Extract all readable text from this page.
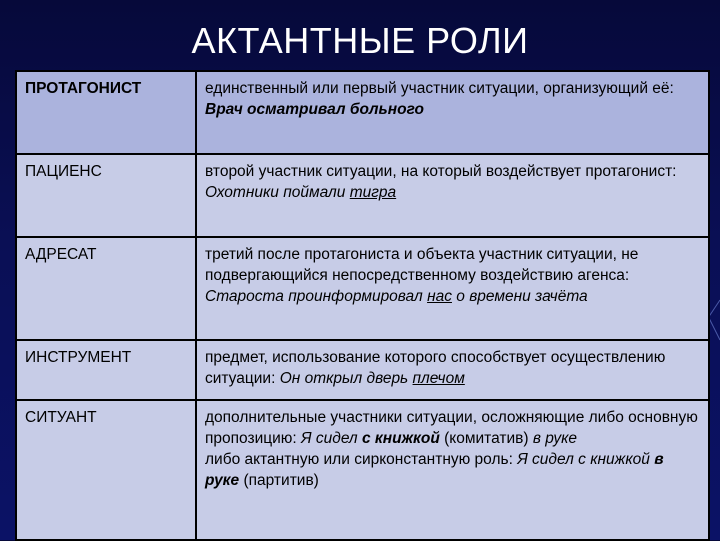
АКТАНТНЫЕ РОЛИ
ПРОТАГОНИСТ	единственный или первый участник ситуации, организующий её: Врач осматривал больного
ПАЦИЕНС	второй участник ситуации, на который воздействует протагонист: Охотники поймали тигра
АДРЕСАТ	третий после протагониста и объекта участник ситуации, не подвергающийся непосредственному воздействию агенса: Староста проинформировал нас о времени зачёта
ИНСТРУМЕНТ	предмет, использование которого способствует осуществлению ситуации: Он открыл дверь плечом
СИТУАНТ	дополнительные участники ситуации, осложняющие либо основную пропозицию: Я сидел с книжкой (комитатив) в руке
либо актантную или сирконстантную роль: Я сидел с книжкой в руке (партитив)
